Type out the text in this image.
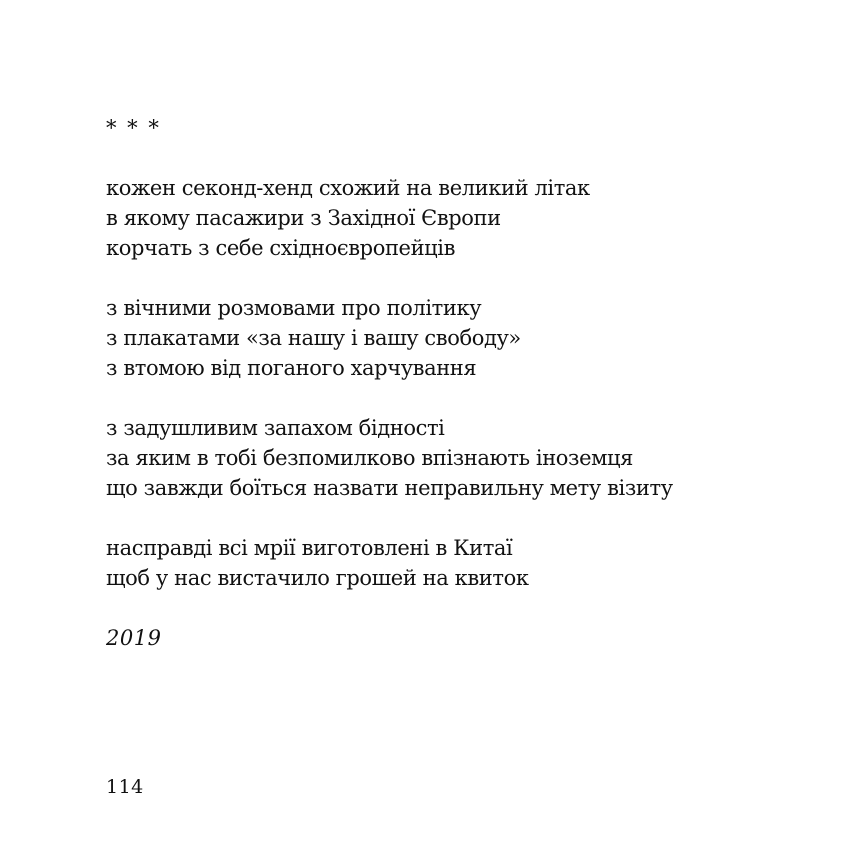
* * *
кожен секонд-хенд схожий на великий літак
в якому пасажири з Західної Європи
корчать з себе східноєвропейців
з вічними розмовами про політику
з плакатами «за нашу і вашу свободу»
з втомою від поганого харчування
з задушливим запахом бідності
за яким в тобі безпомилково впізнають іноземця
що завжди боїться назвати неправильну мету візиту
насправді всі мрії виготовлені в Китаї
щоб у нас вистачило грошей на квиток
2019
114
